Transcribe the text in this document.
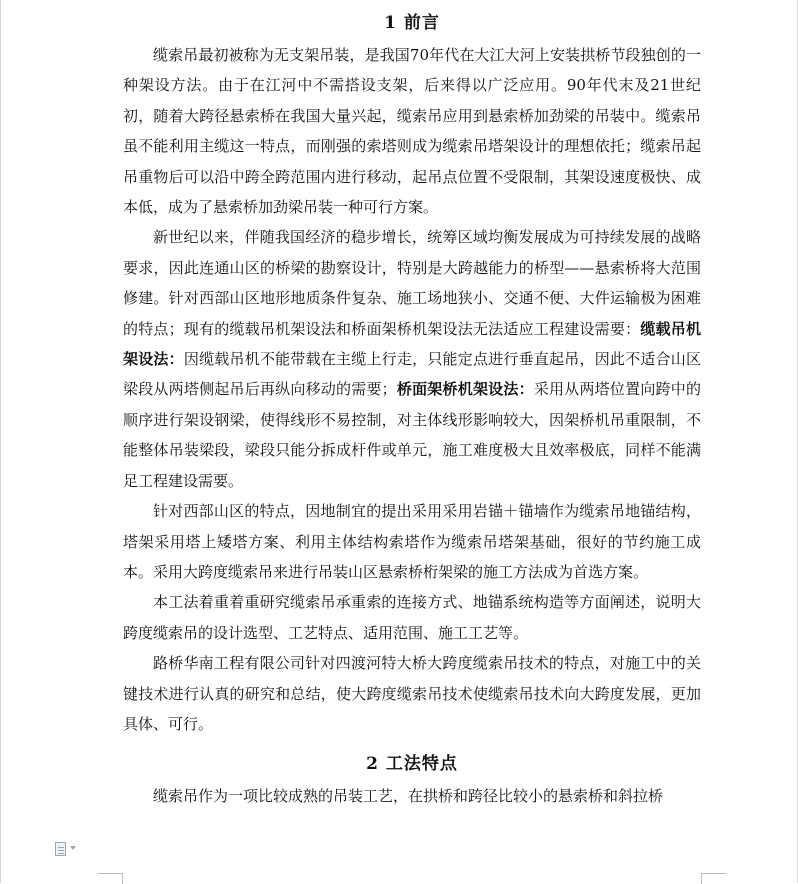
1 前言

缆索吊最初被称为无支架吊装，是我国70年代在大江大河上安装拱桥节段独创的一种架设方法。由于在江河中不需搭设支架，后来得以广泛应用。90年代末及21世纪初，随着大跨径悬索桥在我国大量兴起，缆索吊应用到悬索桥加劲梁的吊装中。缆索吊虽不能利用主缆这一特点，而刚强的索塔则成为缆索吊塔架设计的理想依托；缆索吊起吊重物后可以沿中跨全跨范围内进行移动，起吊点位置不受限制，其架设速度极快、成本低，成为了悬索桥加劲梁吊装一种可行方案。

新世纪以来，伴随我国经济的稳步增长，统筹区域均衡发展成为可持续发展的战略要求，因此连通山区的桥梁的勘察设计，特别是大跨越能力的桥型——悬索桥将大范围修建。针对西部山区地形地质条件复杂、施工场地狭小、交通不便、大件运输极为困难的特点；现有的缆载吊机架设法和桥面架桥机架设法无法适应工程建设需要：缆载吊机架设法：因缆载吊机不能带载在主缆上行走，只能定点进行垂直起吊，因此不适合山区梁段从两塔侧起吊后再纵向移动的需要；桥面架桥机架设法：采用从两塔位置向跨中的顺序进行架设钢梁，使得线形不易控制，对主体线形影响较大，因架桥机吊重限制，不能整体吊装梁段，梁段只能分拆成杆件或单元，施工难度极大且效率极底，同样不能满足工程建设需要。

针对西部山区的特点，因地制宜的提出采用采用岩锚＋锚墙作为缆索吊地锚结构，塔架采用塔上矮塔方案、利用主体结构索塔作为缆索吊塔架基础，很好的节约施工成本。采用大跨度缆索吊来进行吊装山区悬索桥桁架梁的施工方法成为首选方案。

本工法着重着重研究缆索吊承重索的连接方式、地锚系统构造等方面阐述，说明大跨度缆索吊的设计选型、工艺特点、适用范围、施工工艺等。

路桥华南工程有限公司针对四渡河特大桥大跨度缆索吊技术的特点，对施工中的关键技术进行认真的研究和总结，使大跨度缆索吊技术使缆索吊技术向大跨度发展，更加具体、可行。

2 工法特点

缆索吊作为一项比较成熟的吊装工艺，在拱桥和跨径比较小的悬索桥和斜拉桥
